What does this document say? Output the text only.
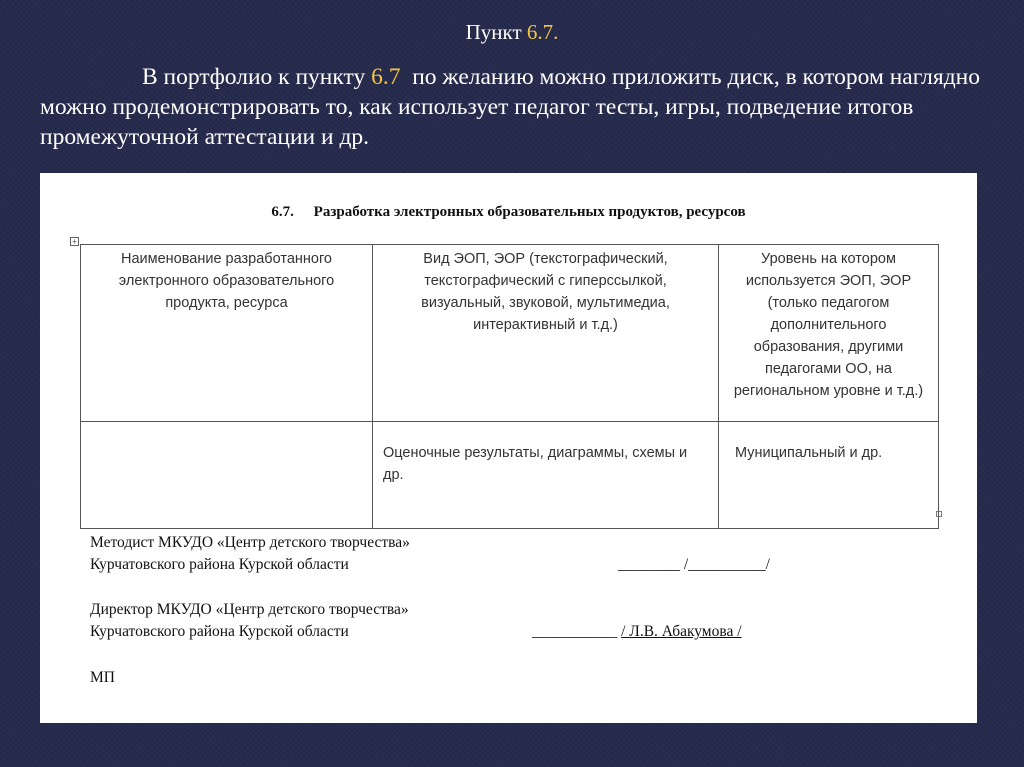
Пункт 6.7.

В портфолио к пункту 6.7 по желанию можно приложить диск, в котором наглядно можно продемонстрировать то, как использует педагог тесты, игры, подведение итогов промежуточной аттестации и др.

6.7. Разработка электронных образовательных продуктов, ресурсов
+
Наименование разработанного электронного образовательного продукта, ресурса	Вид ЭОП, ЭОР (текстографический, текстографический с гиперссылкой, визуальный, звуковой, мультимедиа, интерактивный и т.д.)	Уровень на котором используется ЭОП, ЭОР (только педагогом дополнительного образования, другими педагогами ОО, на региональном уровне и т.д.)
	Оценочные результаты, диаграммы, схемы и др.	Муниципальный и др.
Методист МКУДО «Центр детского творчества»
Курчатовского района Курской области	________ /__________/
Директор МКУДО «Центр детского творчества»
Курчатовского района Курской области	___________ / Л.В. Абакумова /
МП
